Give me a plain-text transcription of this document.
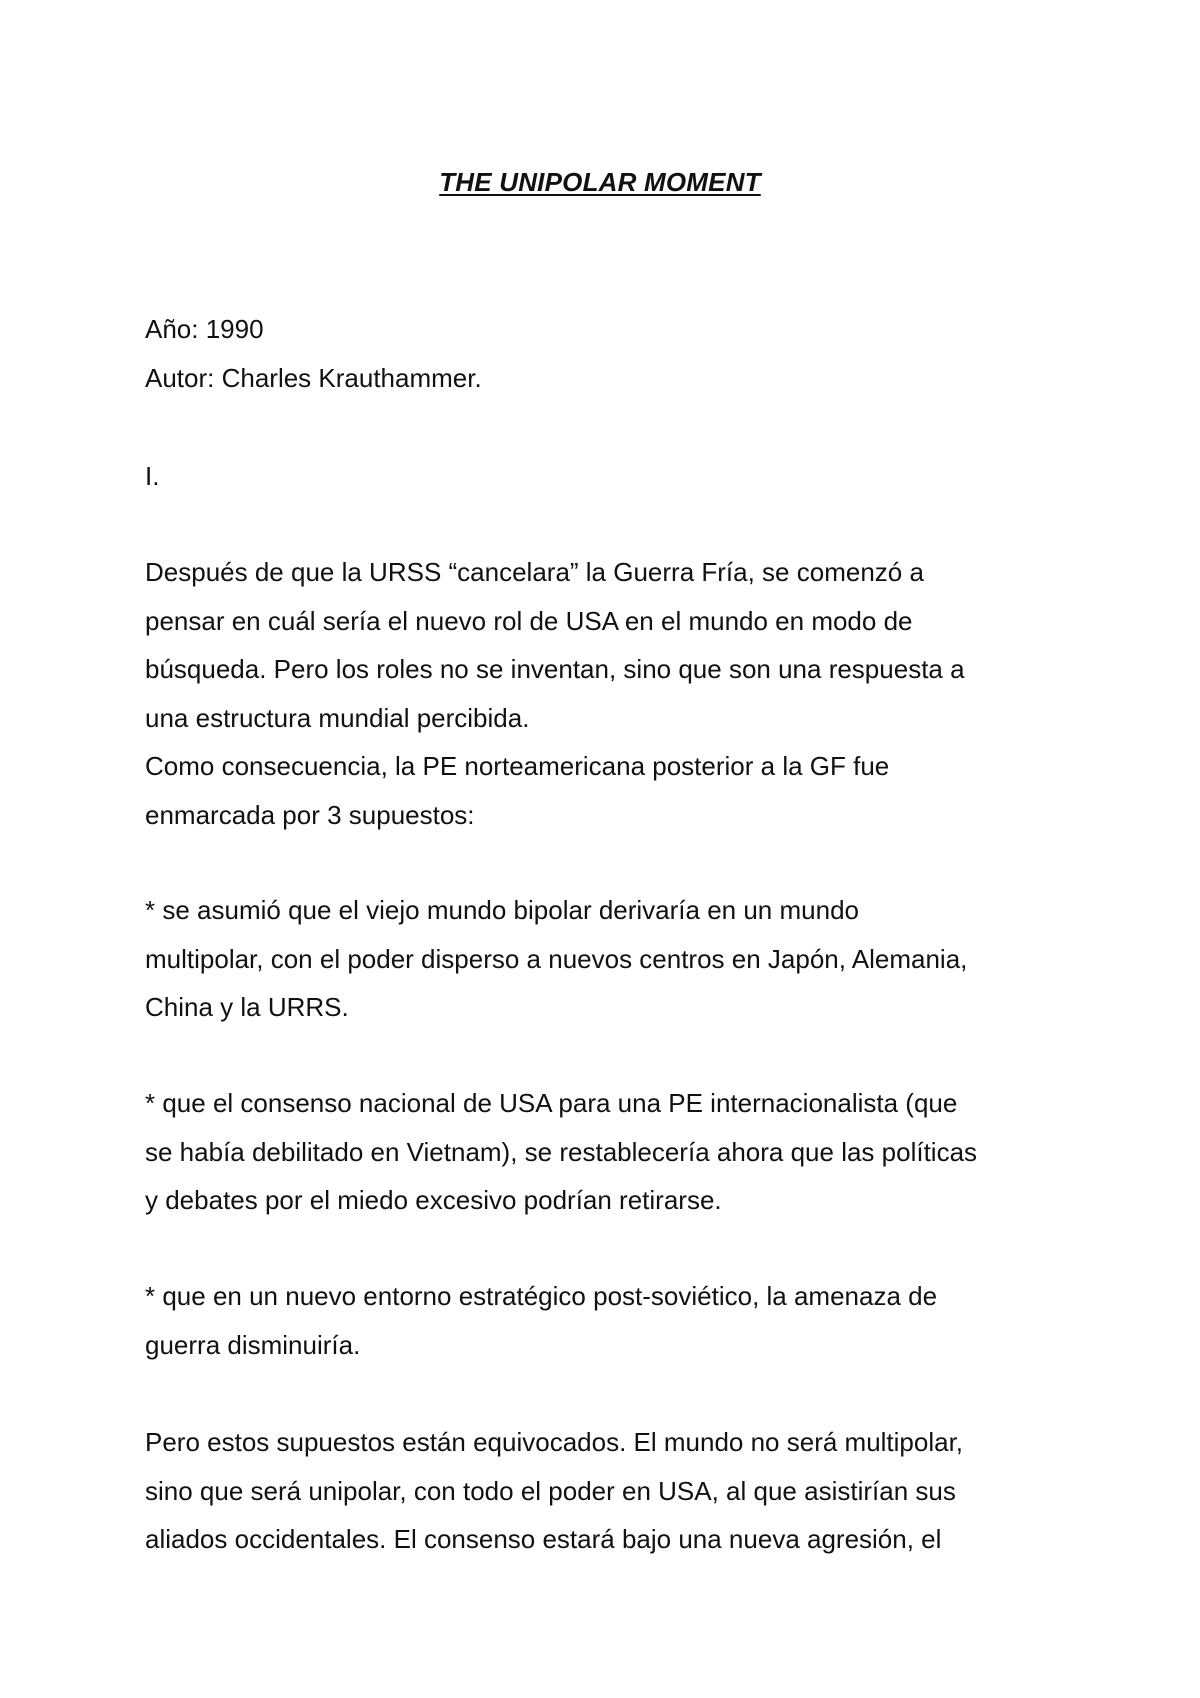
THE UNIPOLAR MOMENT
Año: 1990
Autor: Charles Krauthammer.
I.
Después de que la URSS “cancelara” la Guerra Fría, se comenzó a
pensar en cuál sería el nuevo rol de USA en el mundo en modo de
búsqueda. Pero los roles no se inventan, sino que son una respuesta a
una estructura mundial percibida.
Como consecuencia, la PE norteamericana posterior a la GF fue
enmarcada por 3 supuestos:
* se asumió que el viejo mundo bipolar derivaría en un mundo
multipolar, con el poder disperso a nuevos centros en Japón, Alemania,
China y la URRS.
* que el consenso nacional de USA para una PE internacionalista (que
se había debilitado en Vietnam), se restablecería ahora que las políticas
y debates por el miedo excesivo podrían retirarse.
* que en un nuevo entorno estratégico post-soviético, la amenaza de
guerra disminuiría.
Pero estos supuestos están equivocados. El mundo no será multipolar,
sino que será unipolar, con todo el poder en USA, al que asistirían sus
aliados occidentales. El consenso estará bajo una nueva agresión, el
